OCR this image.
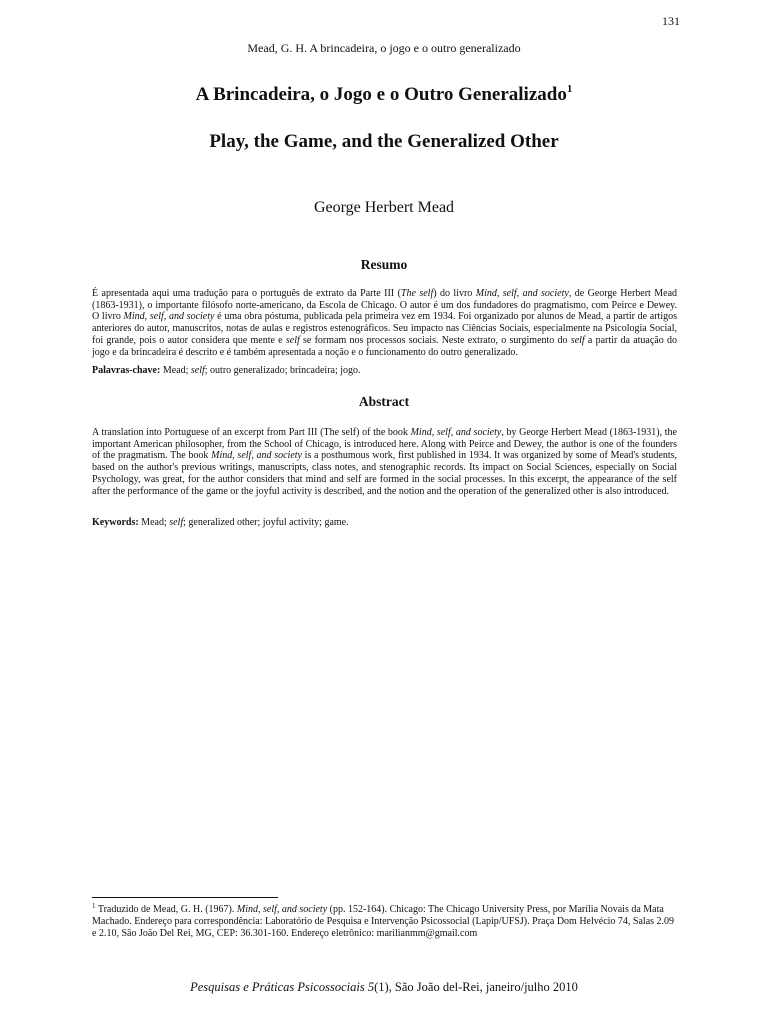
131
Mead, G. H. A brincadeira, o jogo e o outro generalizado
A Brincadeira, o Jogo e o Outro Generalizado$^1$
Play, the Game, and the Generalized Other
George Herbert Mead
Resumo

É apresentada aqui uma tradução para o português de extrato da Parte III (The self) do livro Mind, self, and society, de George Herbert Mead (1863-1931), o importante filósofo norte-americano, da Escola de Chicago. O autor é um dos fundadores do pragmatismo, com Peirce e Dewey. O livro Mind, self, and society é uma obra póstuma, publicada pela primeira vez em 1934. Foi organizado por alunos de Mead, a partir de artigos anteriores do autor, manuscritos, notas de aulas e registros estenográficos. Seu impacto nas Ciências Sociais, especialmente na Psicologia Social, foi grande, pois o autor considera que mente e self se formam nos processos sociais. Neste extrato, o surgimento do self a partir da atuação do jogo e da brincadeira é descrito e é também apresentada a noção e o funcionamento do outro generalizado.

Palavras-chave: Mead; self; outro generalizado; brincadeira; jogo.

Abstract

A translation into Portuguese of an excerpt from Part III (The self) of the book Mind, self, and society, by George Herbert Mead (1863-1931), the important American philosopher, from the School of Chicago, is introduced here. Along with Peirce and Dewey, the author is one of the founders of the pragmatism. The book Mind, self, and society is a posthumous work, first published in 1934. It was organized by some of Mead's students, based on the author's previous writings, manuscripts, class notes, and stenographic records. Its impact on Social Sciences, especially on Social Psychology, was great, for the author considers that mind and self are formed in the social processes. In this excerpt, the appearance of the self after the performance of the game or the joyful activity is described, and the notion and the operation of the generalized other is also introduced.

Keywords: Mead; self; generalized other; joyful activity; game.

$^1$ Traduzido de Mead, G. H. (1967). Mind, self, and society (pp. 152-164). Chicago: The Chicago University Press, por Marília Novais da Mata Machado. Endereço para correspondência: Laboratório de Pesquisa e Intervenção Psicossocial (Lapip/UFSJ). Praça Dom Helvécio 74, Salas 2.09 e 2.10, São João Del Rei, MG, CEP: 36.301-160. Endereço eletrônico: marilianmm@gmail.com

Pesquisas e Práticas Psicossociais 5(1), São João del-Rei, janeiro/julho 2010
